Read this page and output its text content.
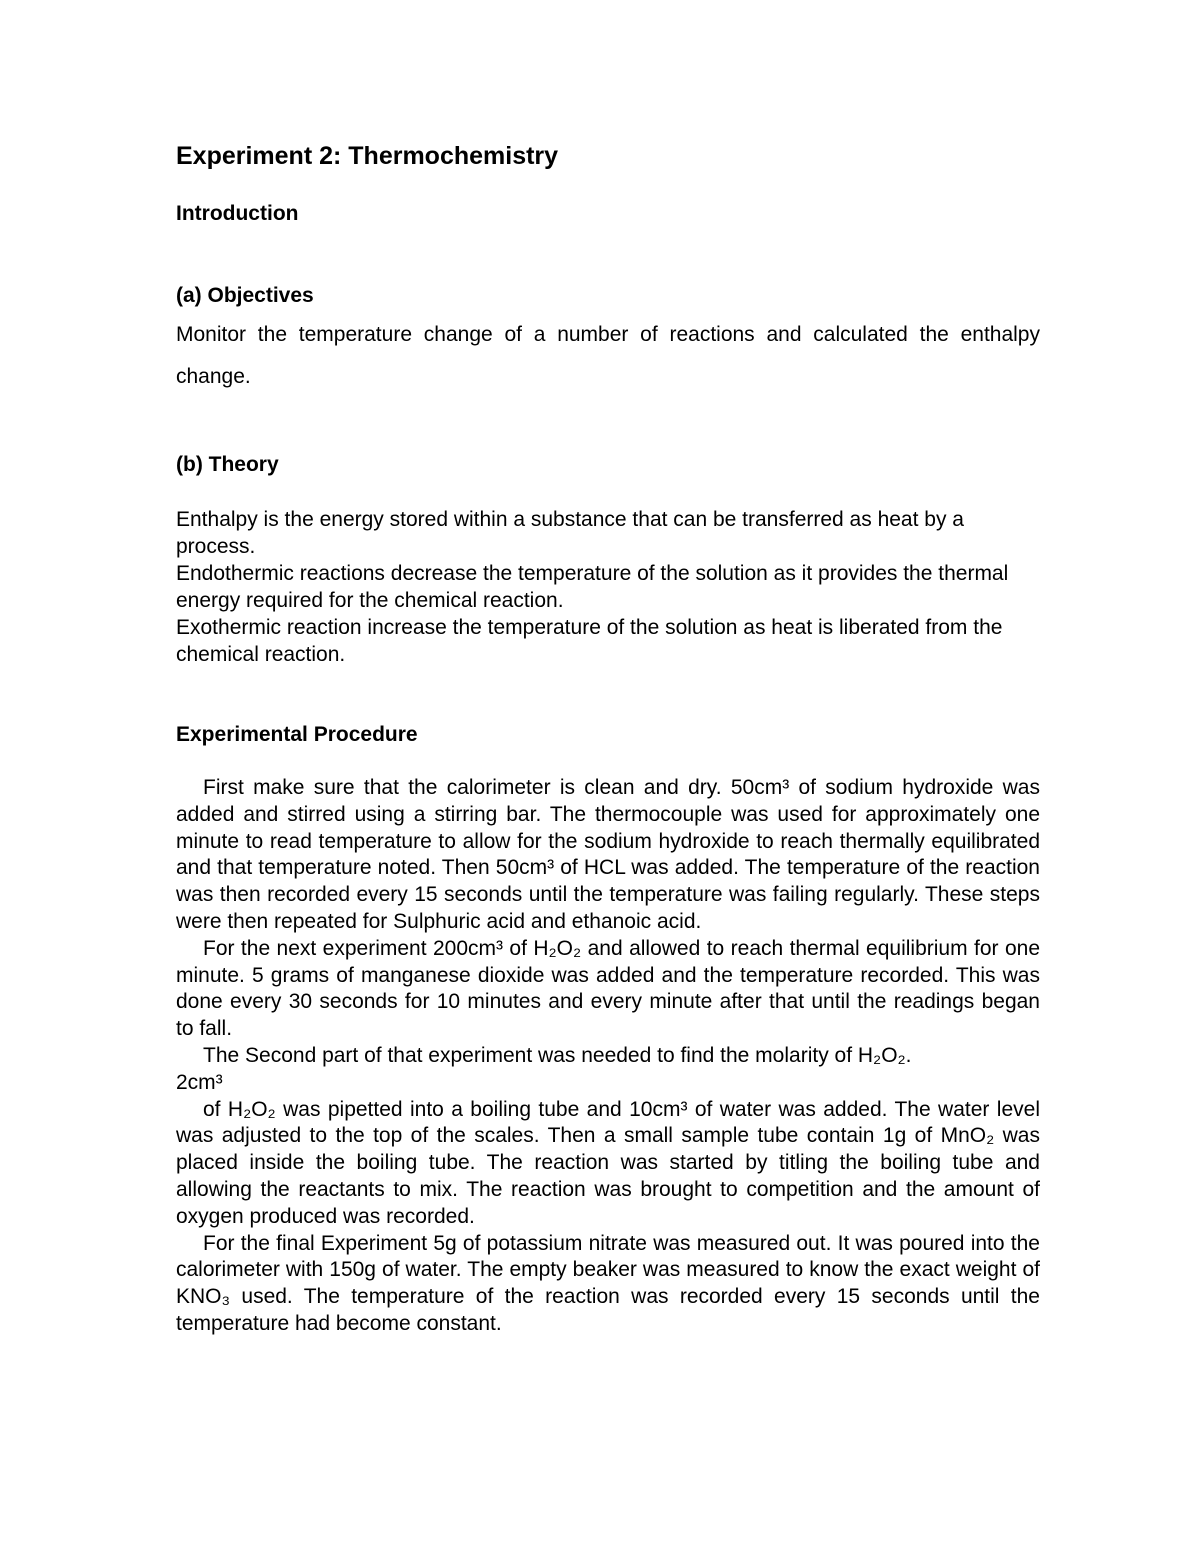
Experiment 2: Thermochemistry
Introduction
(a) Objectives

Monitor the temperature change of a number of reactions and calculated the enthalpy change.

(b) Theory

Enthalpy is the energy stored within a substance that can be transferred as heat by a process.

Endothermic reactions decrease the temperature of the solution as it provides the thermal energy required for the chemical reaction.

Exothermic reaction increase the temperature of the solution as heat is liberated from the chemical reaction.

Experimental Procedure

First make sure that the calorimeter is clean and dry. 50cm³ of sodium hydroxide was added and stirred using a stirring bar. The thermocouple was used for approximately one minute to read temperature to allow for the sodium hydroxide to reach thermally equilibrated and that temperature noted. Then 50cm³ of HCL was added. The temperature of the reaction was then recorded every 15 seconds until the temperature was failing regularly. These steps were then repeated for Sulphuric acid and ethanoic acid.

For the next experiment 200cm³ of H₂O₂ and allowed to reach thermal equilibrium for one minute. 5 grams of manganese dioxide was added and the temperature recorded. This was done every 30 seconds for 10 minutes and every minute after that until the readings began to fall.

The Second part of that experiment was needed to find the molarity of H₂O₂.

2cm³

of H₂O₂ was pipetted into a boiling tube and 10cm³ of water was added. The water level was adjusted to the top of the scales. Then a small sample tube contain 1g of MnO₂ was placed inside the boiling tube. The reaction was started by titling the boiling tube and allowing the reactants to mix. The reaction was brought to competition and the amount of oxygen produced was recorded.

For the final Experiment 5g of potassium nitrate was measured out. It was poured into the calorimeter with 150g of water. The empty beaker was measured to know the exact weight of KNO₃ used. The temperature of the reaction was recorded every 15 seconds until the temperature had become constant.
